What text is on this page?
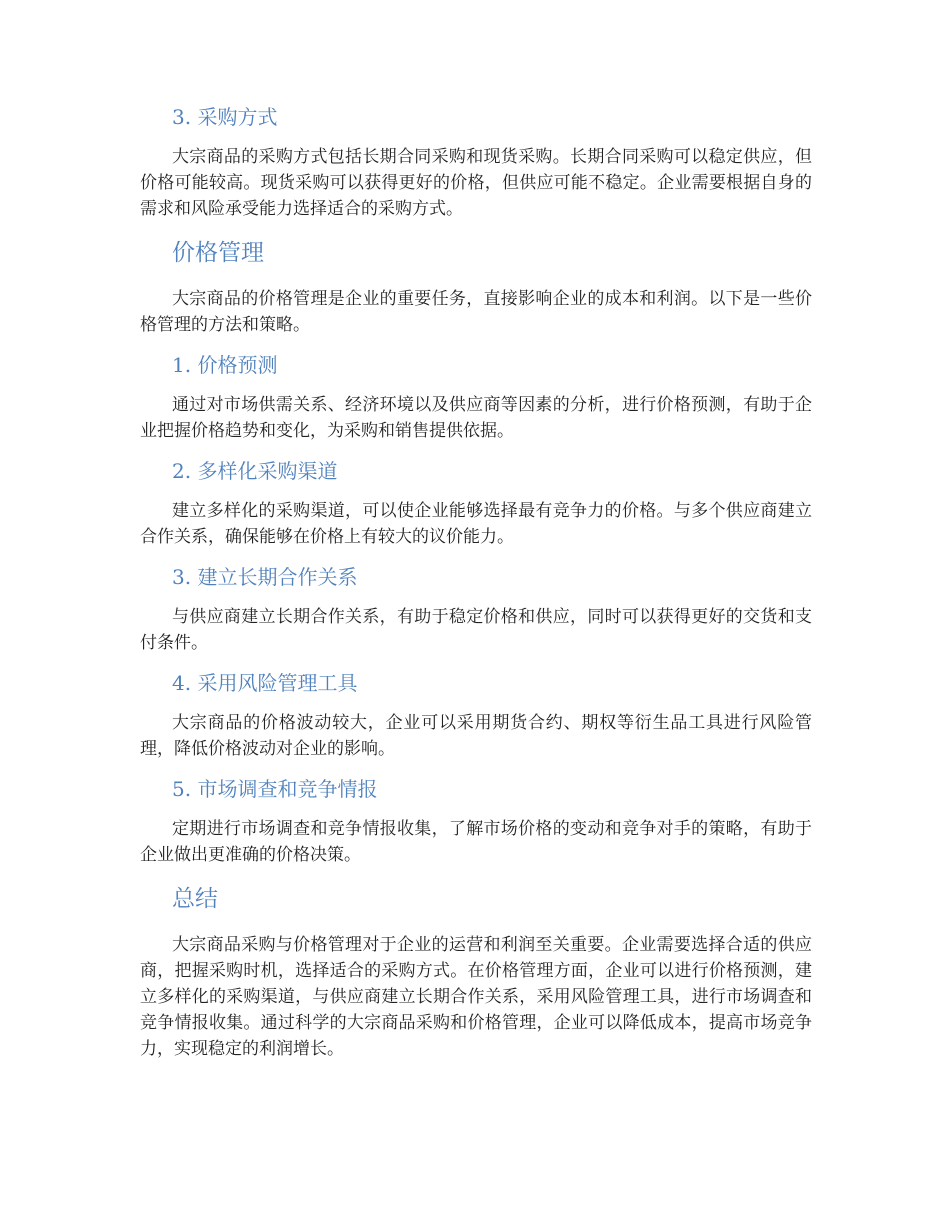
3. 采购方式

大宗商品的采购方式包括长期合同采购和现货采购。长期合同采购可以稳定供应，但价格可能较高。现货采购可以获得更好的价格，但供应可能不稳定。企业需要根据自身的需求和风险承受能力选择适合的采购方式。

价格管理

大宗商品的价格管理是企业的重要任务，直接影响企业的成本和利润。以下是一些价格管理的方法和策略。

1. 价格预测

通过对市场供需关系、经济环境以及供应商等因素的分析，进行价格预测，有助于企业把握价格趋势和变化，为采购和销售提供依据。

2. 多样化采购渠道

建立多样化的采购渠道，可以使企业能够选择最有竞争力的价格。与多个供应商建立合作关系，确保能够在价格上有较大的议价能力。

3. 建立长期合作关系

与供应商建立长期合作关系，有助于稳定价格和供应，同时可以获得更好的交货和支付条件。

4. 采用风险管理工具

大宗商品的价格波动较大，企业可以采用期货合约、期权等衍生品工具进行风险管理，降低价格波动对企业的影响。

5. 市场调查和竞争情报

定期进行市场调查和竞争情报收集，了解市场价格的变动和竞争对手的策略，有助于企业做出更准确的价格决策。

总结

大宗商品采购与价格管理对于企业的运营和利润至关重要。企业需要选择合适的供应商，把握采购时机，选择适合的采购方式。在价格管理方面，企业可以进行价格预测，建立多样化的采购渠道，与供应商建立长期合作关系，采用风险管理工具，进行市场调查和竞争情报收集。通过科学的大宗商品采购和价格管理，企业可以降低成本，提高市场竞争力，实现稳定的利润增长。
